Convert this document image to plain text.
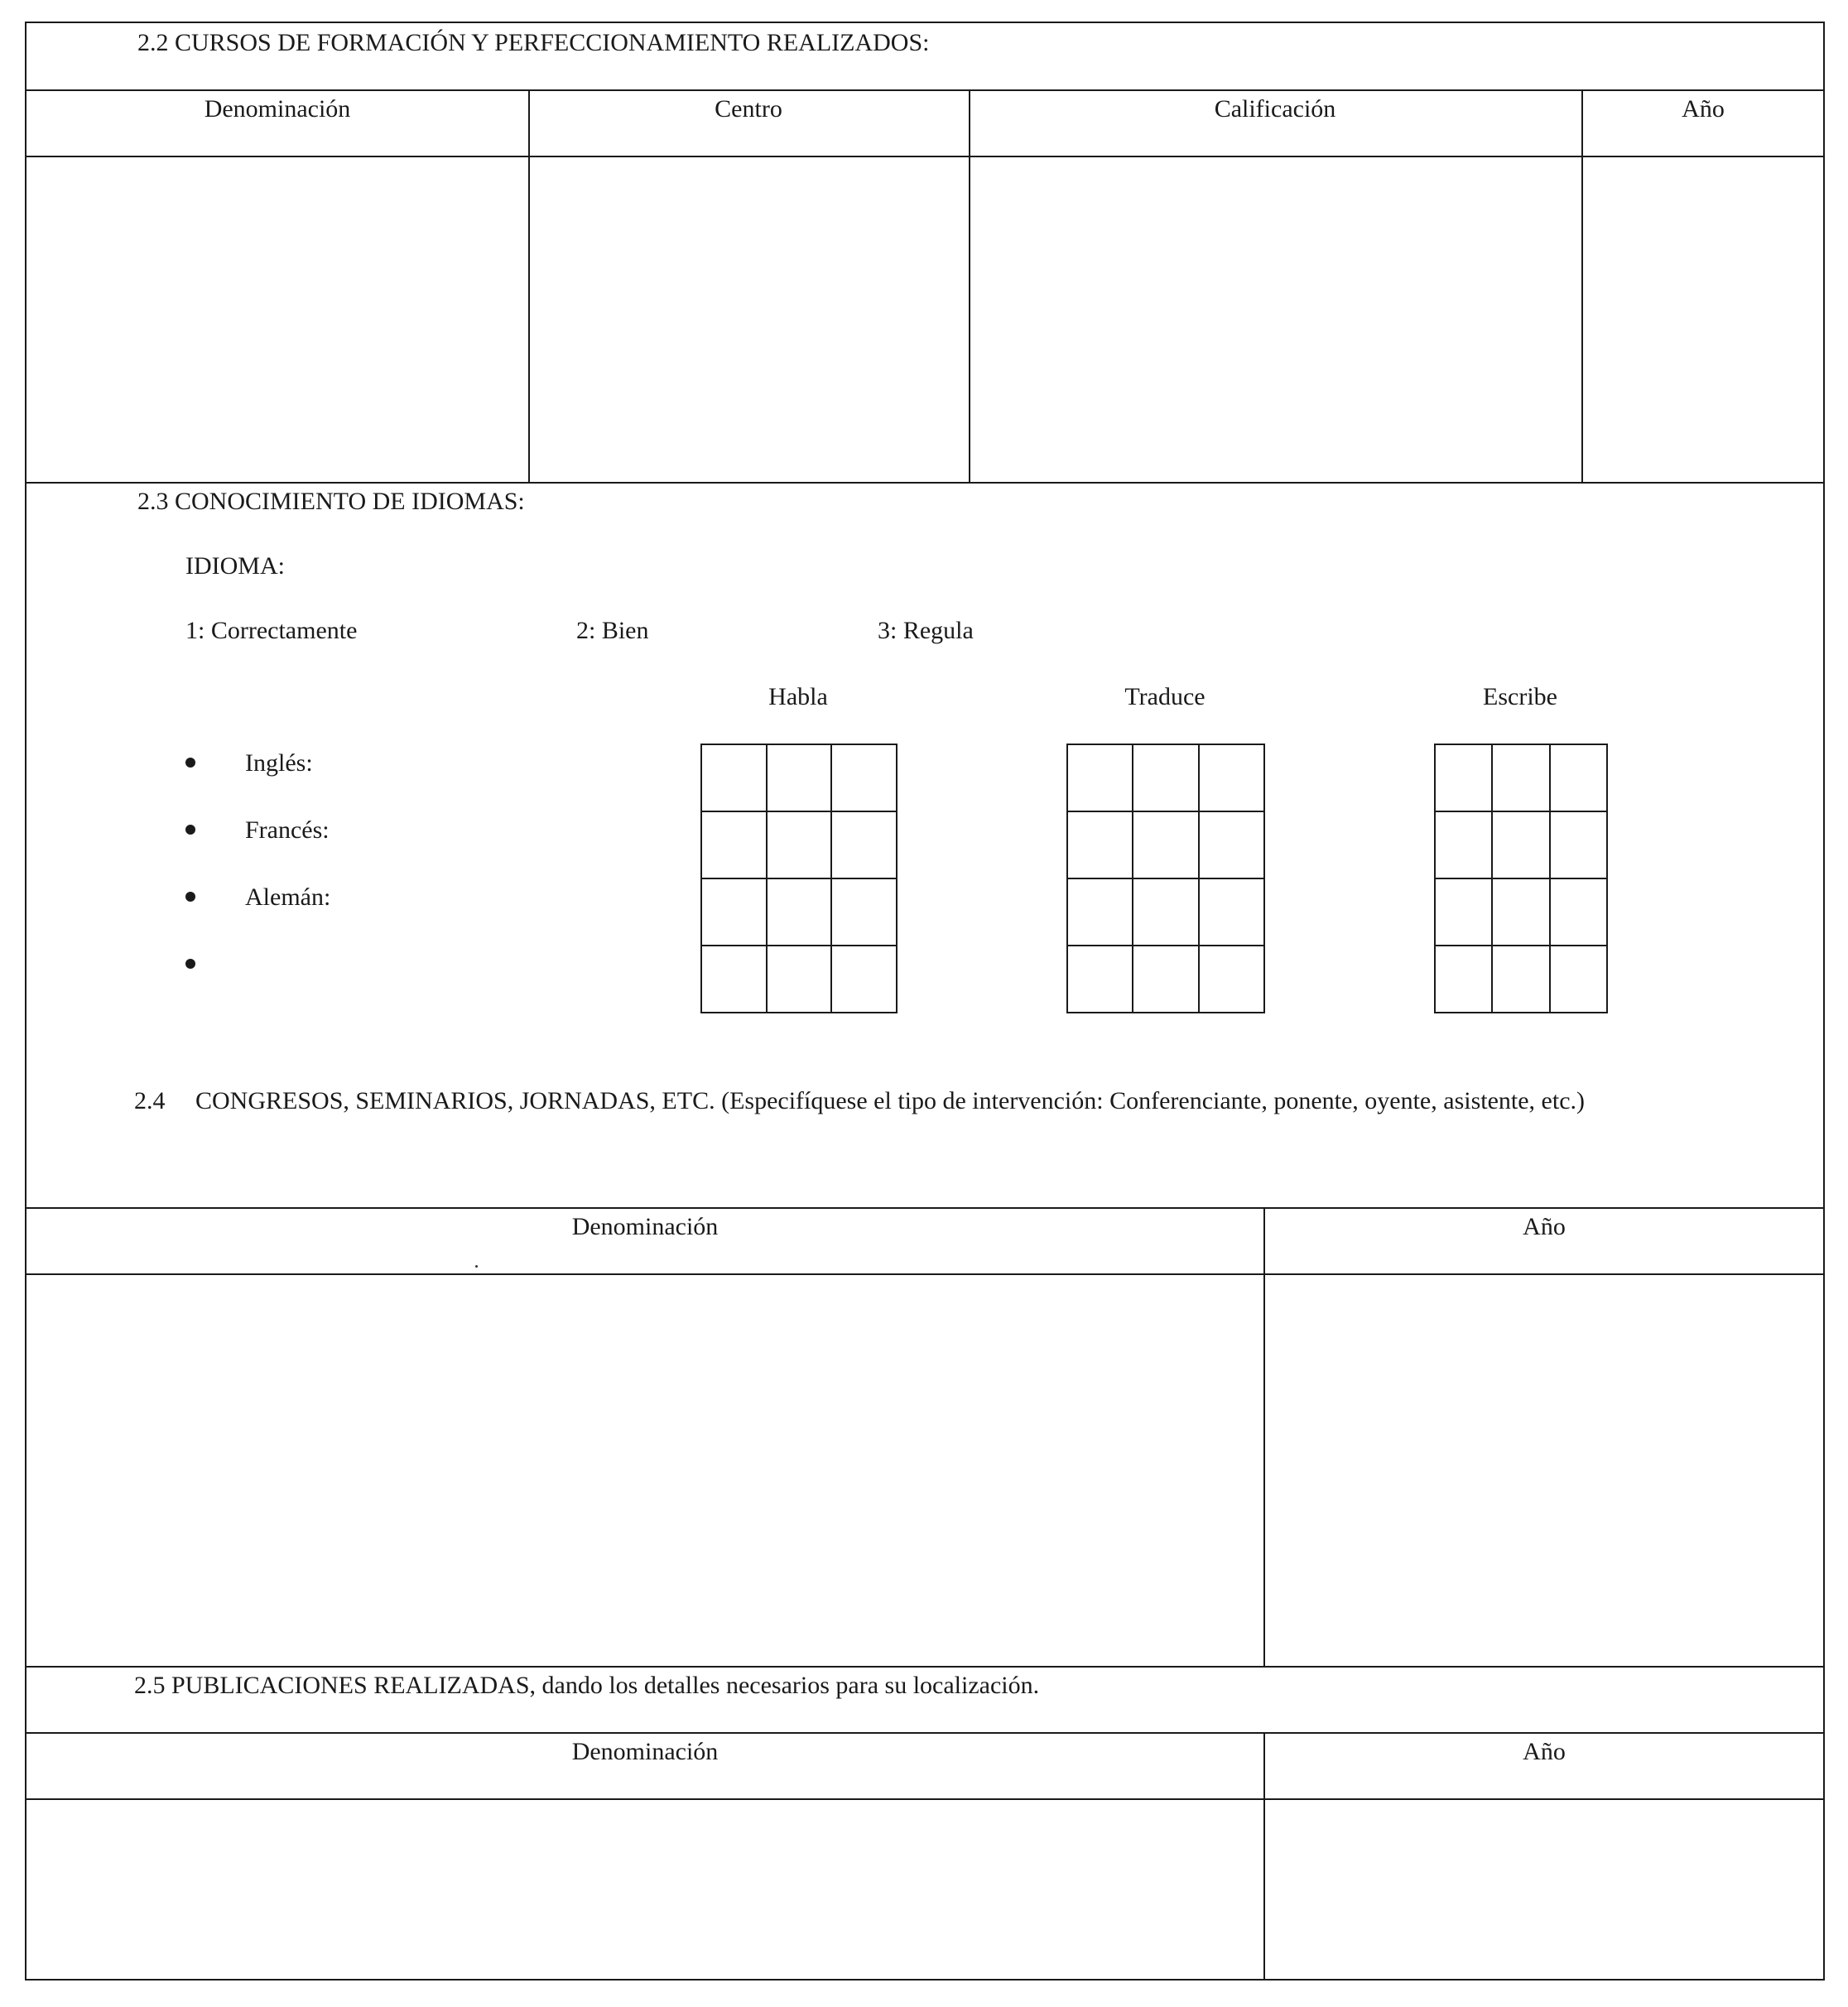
2.2 CURSOS DE FORMACIÓN Y PERFECCIONAMIENTO REALIZADOS:
Denominación	Centro	Calificación	Año
2.3 CONOCIMIENTO DE IDIOMAS:
IDIOMA:
1: Correctamente	2: Bien	3: Regula
Habla	Traduce	Escribe
Inglés:
Francés:
Alemán:
2.4 CONGRESOS, SEMINARIOS, JORNADAS, ETC. (Especifíquese el tipo de intervención: Conferenciante, ponente, oyente, asistente, etc.)
Denominación	Año
2.5 PUBLICACIONES REALIZADAS, dando los detalles necesarios para su localización.
Denominación	Año
